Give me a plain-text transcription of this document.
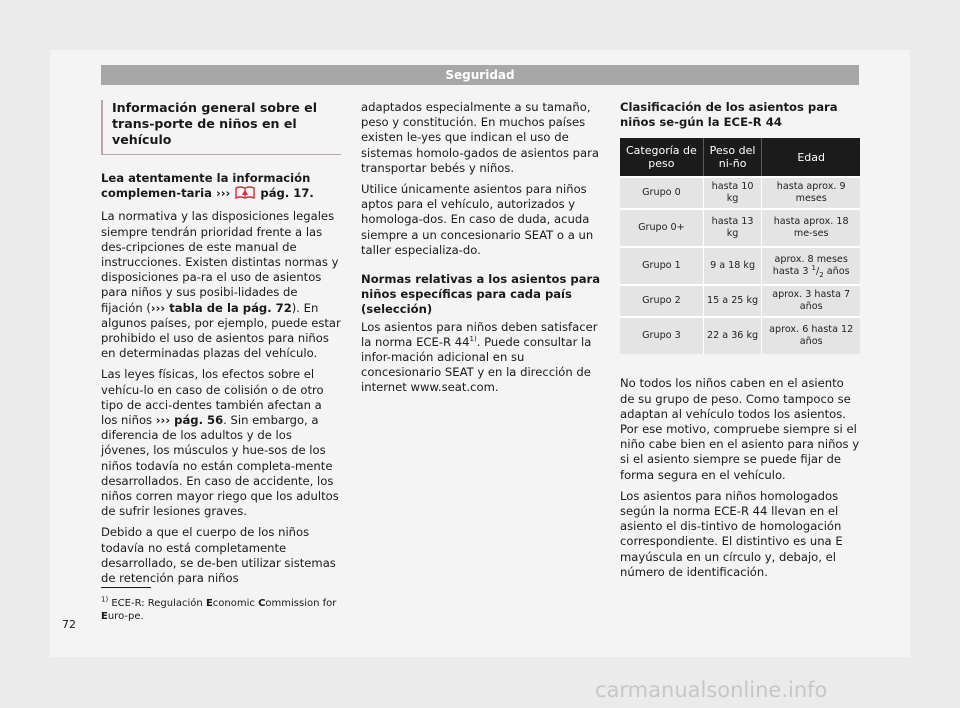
Seguridad
Información general sobre el trans-porte de niños en el vehículo

Lea atentamente la información complemen-taria ›››  pág. 17.

La normativa y las disposiciones legales siempre tendrán prioridad frente a las des-cripciones de este manual de instrucciones. Existen distintas normas y disposiciones pa-ra el uso de asientos para niños y sus posibi-lidades de fijación (››› tabla de la pág. 72). En algunos países, por ejemplo, puede estar prohibido el uso de asientos para niños en determinadas plazas del vehículo.

Las leyes físicas, los efectos sobre el vehícu-lo en caso de colisión o de otro tipo de acci-dentes también afectan a los niños ››› pág. 56. Sin embargo, a diferencia de los adultos y de los jóvenes, los músculos y hue-sos de los niños todavía no están completa-mente desarrollados. En caso de accidente, los niños corren mayor riego que los adultos de sufrir lesiones graves.

Debido a que el cuerpo de los niños todavía no está completamente desarrollado, se de-ben utilizar sistemas de retención para niños

adaptados especialmente a su tamaño, peso y constitución. En muchos países existen le-yes que indican el uso de sistemas homolo-gados de asientos para transportar bebés y niños.

Utilice únicamente asientos para niños aptos para el vehículo, autorizados y homologa-dos. En caso de duda, acuda siempre a un concesionario SEAT o a un taller especializa-do.

Normas relativas a los asientos para niños específicas para cada país (selección)

Los asientos para niños deben satisfacer la norma ECE-R 44$^{1)}$. Puede consultar la infor-mación adicional en su concesionario SEAT y en la dirección de internet www.seat.com.

Clasificación de los asientos para niños se-gún la ECE-R 44
Categoría de peso	Peso del ni-ño	Edad
Grupo 0	hasta 10 kg	hasta aprox. 9 meses
Grupo 0+	hasta 13 kg	hasta aprox. 18 me-ses
Grupo 1	9 a 18 kg	aprox. 8 meses hasta 3 $^1/_2$ años
Grupo 2	15 a 25 kg	aprox. 3 hasta 7 años
Grupo 3	22 a 36 kg	aprox. 6 hasta 12 años

No todos los niños caben en el asiento de su grupo de peso. Como tampoco se adaptan al vehículo todos los asientos. Por ese motivo, compruebe siempre si el niño cabe bien en el asiento para niños y si el asiento siempre se puede fijar de forma segura en el vehículo.

Los asientos para niños homologados según la norma ECE-R 44 llevan en el asiento el dis-tintivo de homologación correspondiente. El distintivo es una E mayúscula en un círculo y, debajo, el número de identificación.

$^{1)}$ ECE-R: Regulación Economic Commission for Euro-pe.
72
carmanualsonline.info
